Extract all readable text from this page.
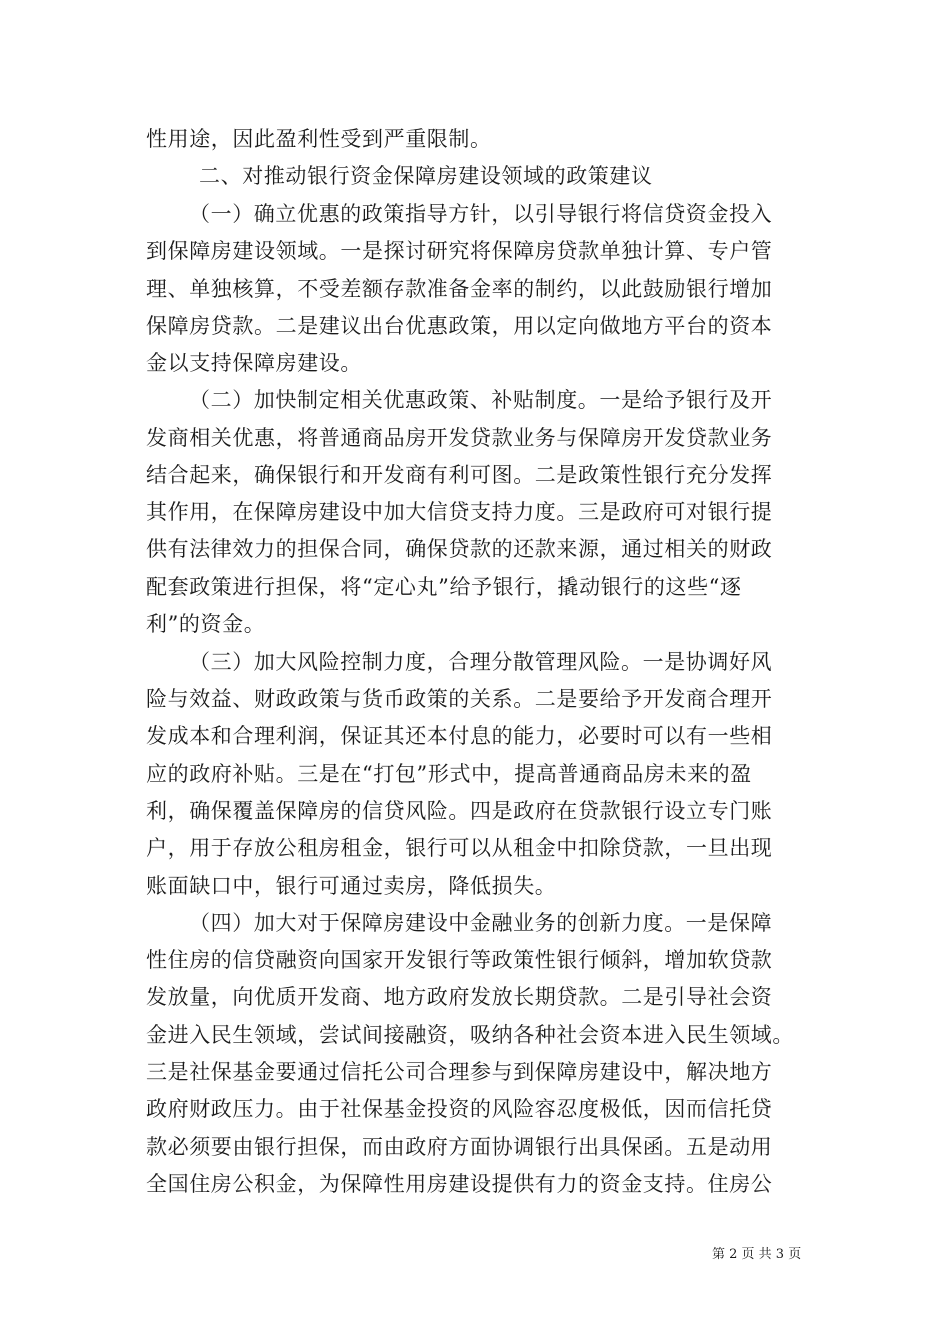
性用途，因此盈利性受到严重限制。
二、对推动银行资金保障房建设领域的政策建议
（一）确立优惠的政策指导方针，以引导银行将信贷资金投入
到保障房建设领域。一是探讨研究将保障房贷款单独计算、专户管
理、单独核算，不受差额存款准备金率的制约，以此鼓励银行增加
保障房贷款。二是建议出台优惠政策，用以定向做地方平台的资本
金以支持保障房建设。
（二）加快制定相关优惠政策、补贴制度。一是给予银行及开
发商相关优惠，将普通商品房开发贷款业务与保障房开发贷款业务
结合起来，确保银行和开发商有利可图。二是政策性银行充分发挥
其作用，在保障房建设中加大信贷支持力度。三是政府可对银行提
供有法律效力的担保合同，确保贷款的还款来源，通过相关的财政
配套政策进行担保，将“定心丸”给予银行，撬动银行的这些“逐
利”的资金。
（三）加大风险控制力度，合理分散管理风险。一是协调好风
险与效益、财政政策与货币政策的关系。二是要给予开发商合理开
发成本和合理利润，保证其还本付息的能力，必要时可以有一些相
应的政府补贴。三是在“打包”形式中，提高普通商品房未来的盈
利，确保覆盖保障房的信贷风险。四是政府在贷款银行设立专门账
户，用于存放公租房租金，银行可以从租金中扣除贷款，一旦出现
账面缺口中，银行可通过卖房，降低损失。
（四）加大对于保障房建设中金融业务的创新力度。一是保障
性住房的信贷融资向国家开发银行等政策性银行倾斜，增加软贷款
发放量，向优质开发商、地方政府发放长期贷款。二是引导社会资
金进入民生领域，尝试间接融资，吸纳各种社会资本进入民生领域。
三是社保基金要通过信托公司合理参与到保障房建设中，解决地方
政府财政压力。由于社保基金投资的风险容忍度极低，因而信托贷
款必须要由银行担保，而由政府方面协调银行出具保函。五是动用
全国住房公积金，为保障性用房建设提供有力的资金支持。住房公
第 2 页 共 3 页
